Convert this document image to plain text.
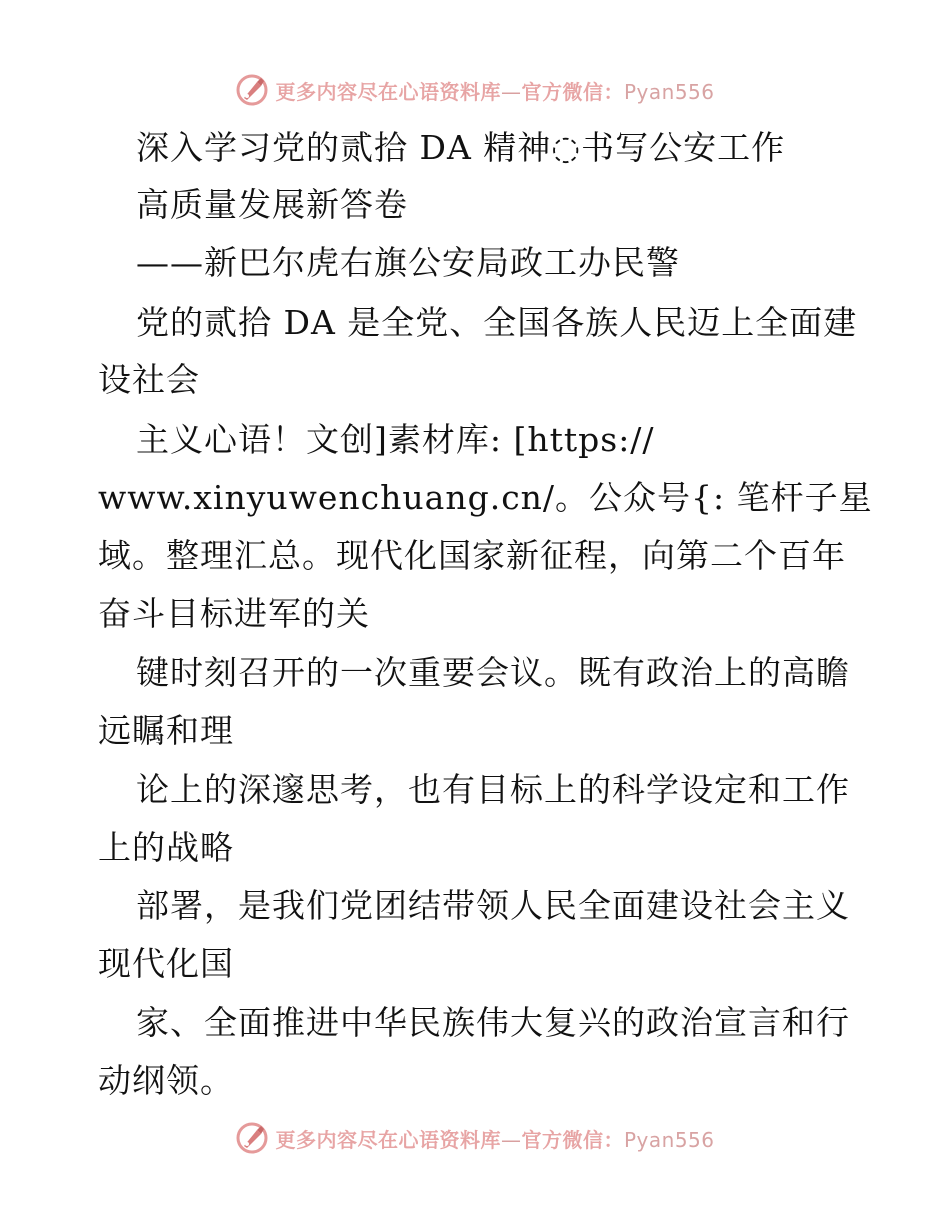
更多内容尽在心语资料库—官方微信：Pyan556
深入学习党的贰拾 DA 精神◌书写公安工作
高质量发展新答卷
——新巴尔虎右旗公安局政工办民警
党的贰拾 DA 是全党、全国各族人民迈上全面建
设社会
主义心语！文创]素材库: [https://
www.xinyuwenchuang.cn/。公众号{: 笔杆子星
域。整理汇总。现代化国家新征程，向第二个百年
奋斗目标进军的关
键时刻召开的一次重要会议。既有政治上的高瞻
远瞩和理
论上的深邃思考，也有目标上的科学设定和工作
上的战略
部署，是我们党团结带领人民全面建设社会主义
现代化国
家、全面推进中华民族伟大复兴的政治宣言和行
动纲领。
更多内容尽在心语资料库—官方微信：Pyan556
